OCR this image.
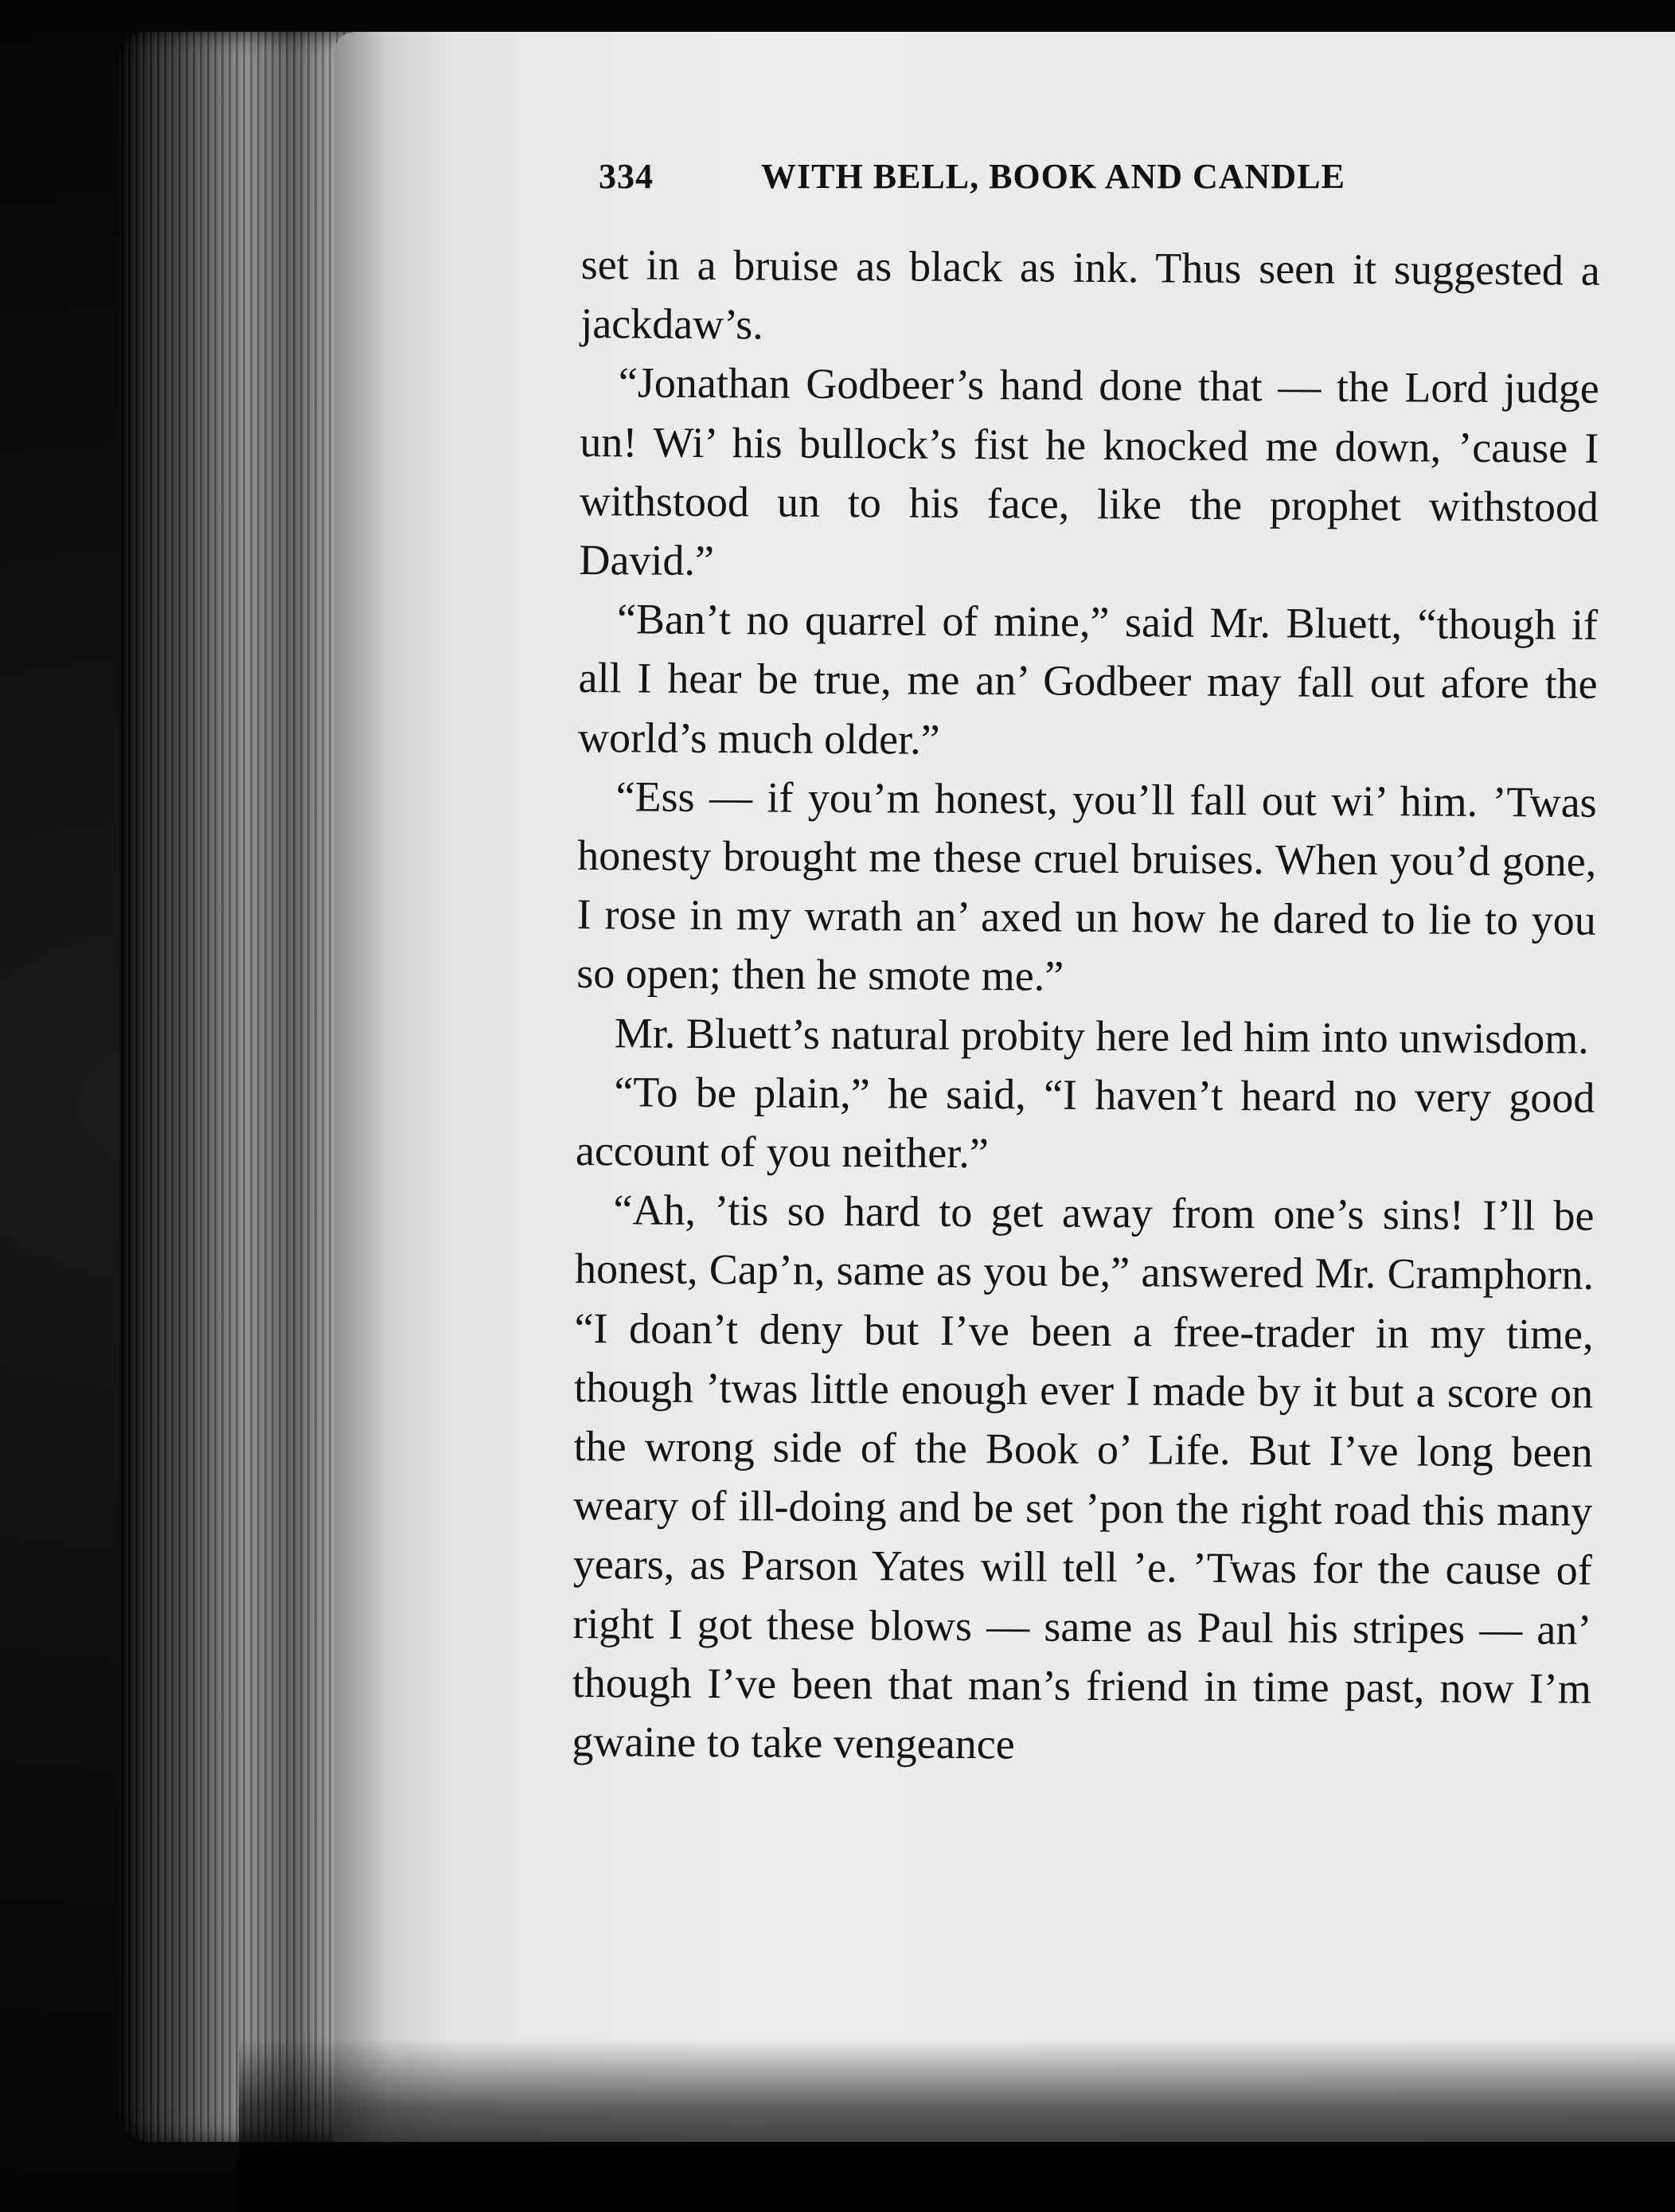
334	WITH BELL, BOOK AND CANDLE

set in a bruise as black as ink. Thus seen it suggested a jackdaw’s.

“Jonathan Godbeer’s hand done that — the Lord judge un! Wi’ his bullock’s fist he knocked me down, ’cause I withstood un to his face, like the prophet withstood David.”

“Ban’t no quarrel of mine,” said Mr. Bluett, “though if all I hear be true, me an’ Godbeer may fall out afore the world’s much older.”

“Ess — if you’m honest, you’ll fall out wi’ him. ’Twas honesty brought me these cruel bruises. When you’d gone, I rose in my wrath an’ axed un how he dared to lie to you so open; then he smote me.”

Mr. Bluett’s natural probity here led him into unwisdom.

“To be plain,” he said, “I haven’t heard no very good account of you neither.”

“Ah, ’tis so hard to get away from one’s sins! I’ll be honest, Cap’n, same as you be,” answered Mr. Cramphorn. “I doan’t deny but I’ve been a free-trader in my time, though ’twas little enough ever I made by it but a score on the wrong side of the Book o’ Life. But I’ve long been weary of ill-doing and be set ’pon the right road this many years, as Parson Yates will tell ’e. ’Twas for the cause of right I got these blows — same as Paul his stripes — an’ though I’ve been that man’s friend in time past, now I’m gwaine to take vengeance
